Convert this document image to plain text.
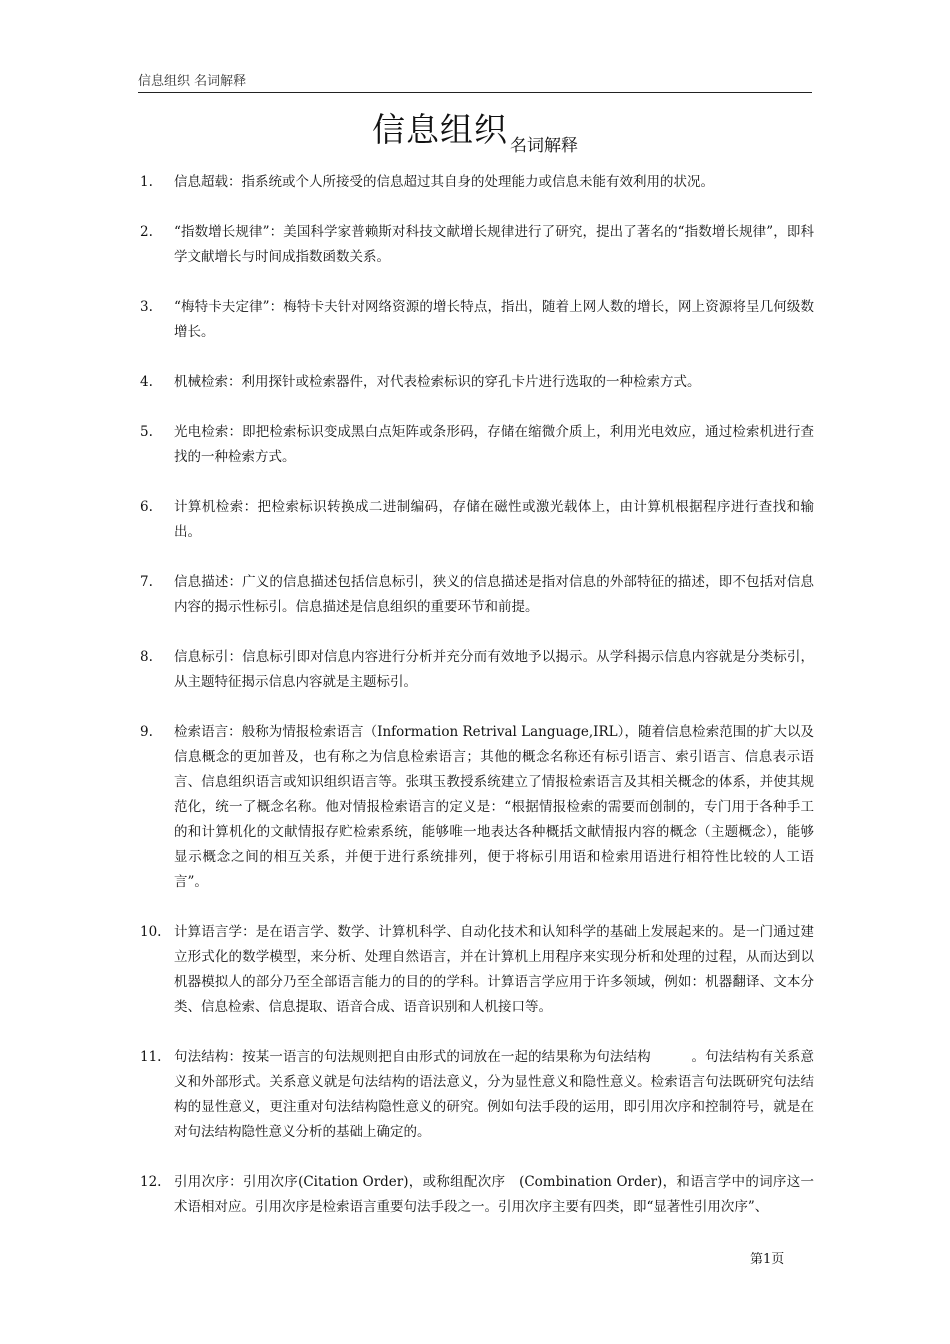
信息组织 名词解释
信息组织 名词解释
1. 信息超载：指系统或个人所接受的信息超过其自身的处理能力或信息未能有效利用的状况。
2. “指数增长规律”：美国科学家普赖斯对科技文献增长规律进行了研究，提出了著名的“指数增长规律”，即科学文献增长与时间成指数函数关系。
3. “梅特卡夫定律”：梅特卡夫针对网络资源的增长特点，指出，随着上网人数的增长，网上资源将呈几何级数增长。
4. 机械检索：利用探针或检索器件，对代表检索标识的穿孔卡片进行选取的一种检索方式。
5. 光电检索：即把检索标识变成黑白点矩阵或条形码，存储在缩微介质上，利用光电效应，通过检索机进行查找的一种检索方式。
6. 计算机检索：把检索标识转换成二进制编码，存储在磁性或激光载体上，由计算机根据程序进行查找和输出。
7. 信息描述：广义的信息描述包括信息标引，狭义的信息描述是指对信息的外部特征的描述，即不包括对信息内容的揭示性标引。信息描述是信息组织的重要环节和前提。
8. 信息标引：信息标引即对信息内容进行分析并充分而有效地予以揭示。从学科揭示信息内容就是分类标引，从主题特征揭示信息内容就是主题标引。
9. 检索语言：般称为情报检索语言（Information Retrival Language,IRL），随着信息检索范围的扩大以及信息概念的更加普及，也有称之为信息检索语言；其他的概念名称还有标引语言、索引语言、信息表示语言、信息组织语言或知识组织语言等。张琪玉教授系统建立了情报检索语言及其相关概念的体系，并使其规范化，统一了概念名称。他对情报检索语言的定义是：“根据情报检索的需要而创制的，专门用于各种手工的和计算机化的文献情报存贮检索系统，能够唯一地表达各种概括文献情报内容的概念（主题概念），能够显示概念之间的相互关系，并便于进行系统排列，便于将标引用语和检索用语进行相符性比较的人工语言”。
10. 计算语言学：是在语言学、数学、计算机科学、自动化技术和认知科学的基础上发展起来的。是一门通过建立形式化的数学模型，来分析、处理自然语言，并在计算机上用程序来实现分析和处理的过程，从而达到以机器模拟人的部分乃至全部语言能力的目的的学科。计算语言学应用于许多领域，例如：机器翻译、文本分类、信息检索、信息提取、语音合成、语音识别和人机接口等。
11. 句法结构：按某一语言的句法规则把自由形式的词放在一起的结果称为句法结构　　　。句法结构有关系意义和外部形式。关系意义就是句法结构的语法意义，分为显性意义和隐性意义。检索语言句法既研究句法结构的显性意义，更注重对句法结构隐性意义的研究。例如句法手段的运用，即引用次序和控制符号，就是在对句法结构隐性意义分析的基础上确定的。
12. 引用次序：引用次序(Citation Order)，或称组配次序　(Combination Order)，和语言学中的词序这一术语相对应。引用次序是检索语言重要句法手段之一。引用次序主要有四类，即“显著性引用次序”、
第1页
